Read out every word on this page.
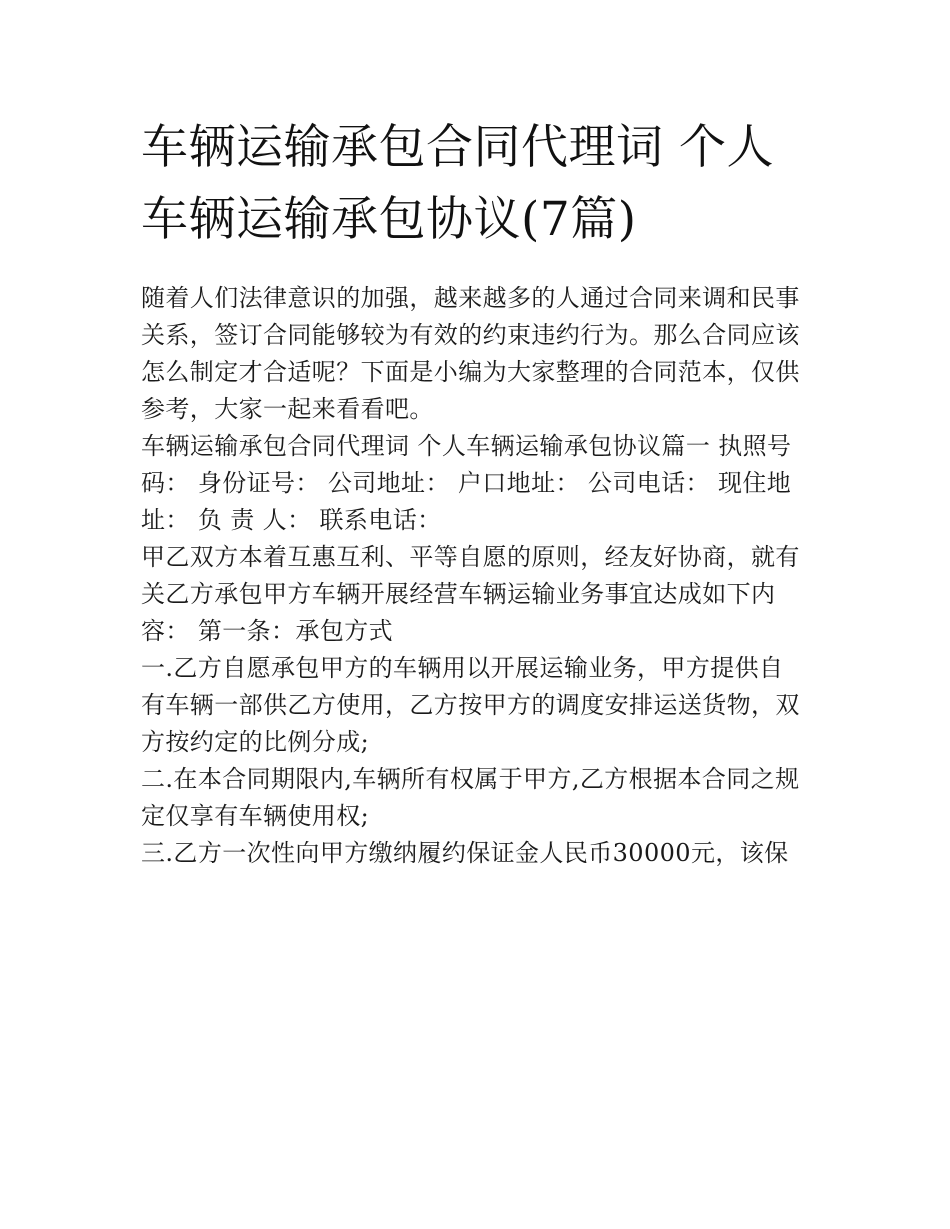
车辆运输承包合同代理词 个人
车辆运输承包协议(7篇)

随着人们法律意识的加强，越来越多的人通过合同来调和民事
关系，签订合同能够较为有效的约束违约行为。那么合同应该
怎么制定才合适呢？下面是小编为大家整理的合同范本，仅供
参考，大家一起来看看吧。

车辆运输承包合同代理词 个人车辆运输承包协议篇一 执照号
码： 身份证号： 公司地址： 户口地址： 公司电话： 现住地
址： 负 责 人： 联系电话：

甲乙双方本着互惠互利、平等自愿的原则，经友好协商，就有
关乙方承包甲方车辆开展经营车辆运输业务事宜达成如下内
容： 第一条：承包方式

一.乙方自愿承包甲方的车辆用以开展运输业务，甲方提供自
有车辆一部供乙方使用，乙方按甲方的调度安排运送货物，双
方按约定的比例分成;

二.在本合同期限内,车辆所有权属于甲方,乙方根据本合同之规
定仅享有车辆使用权;

三.乙方一次性向甲方缴纳履约保证金人民币30000元，该保
